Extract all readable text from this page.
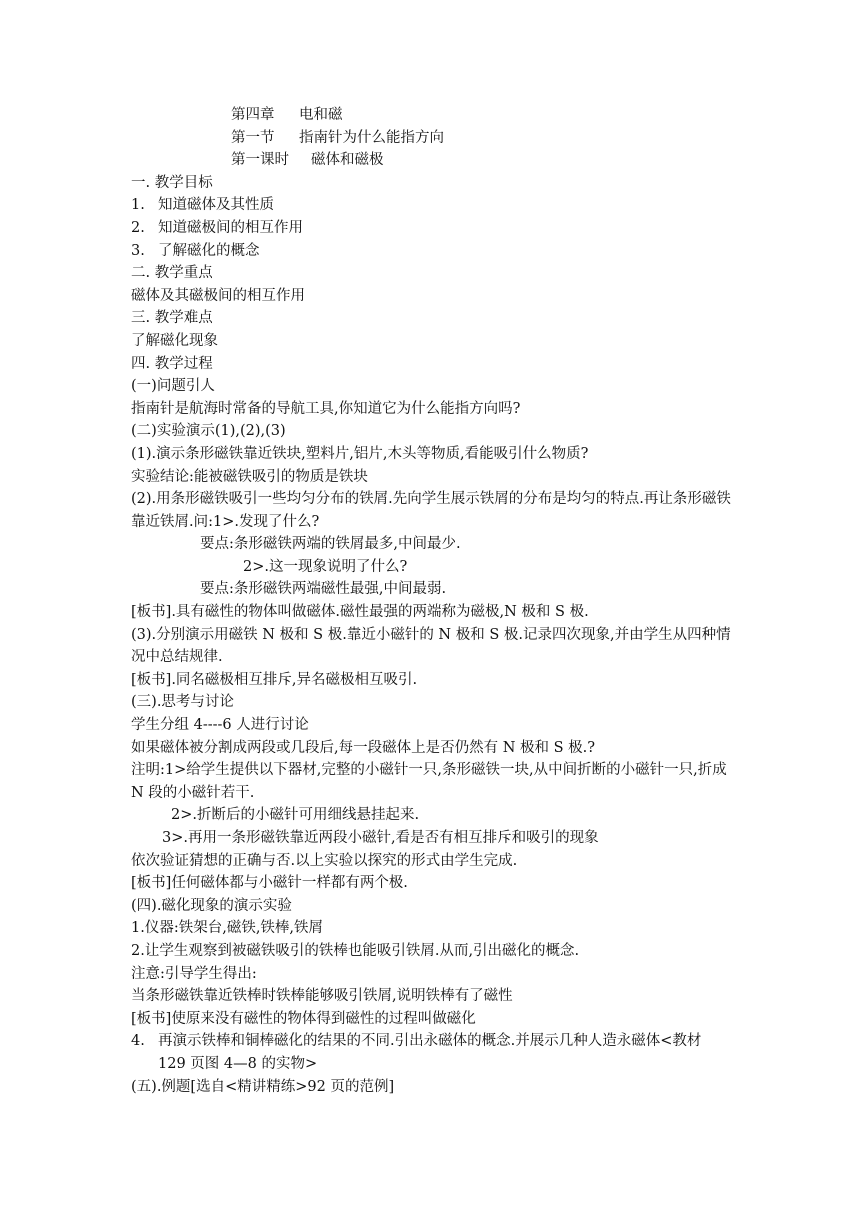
第四章 电和磁
第一节 指南针为什么能指方向
第一课时 磁体和磁极
一. 教学目标
1. 知道磁体及其性质
2. 知道磁极间的相互作用
3. 了解磁化的概念
二. 教学重点
磁体及其磁极间的相互作用
三. 教学难点
了解磁化现象
四. 教学过程
(一)问题引人
指南针是航海时常备的导航工具,你知道它为什么能指方向吗?
(二)实验演示(1),(2),(3)
(1).演示条形磁铁靠近铁块,塑料片,铝片,木头等物质,看能吸引什么物质?
实验结论:能被磁铁吸引的物质是铁块
(2).用条形磁铁吸引一些均匀分布的铁屑.先向学生展示铁屑的分布是均匀的特点.再让条形磁铁靠近铁屑.问:1>.发现了什么?
要点:条形磁铁两端的铁屑最多,中间最少.
2>.这一现象说明了什么?
要点:条形磁铁两端磁性最强,中间最弱.
[板书].具有磁性的物体叫做磁体.磁性最强的两端称为磁极,N 极和 S 极.
(3).分别演示用磁铁 N 极和 S 极.靠近小磁针的 N 极和 S 极.记录四次现象,并由学生从四种情况中总结规律.
[板书].同名磁极相互排斥,异名磁极相互吸引.
(三).思考与讨论
学生分组 4----6 人进行讨论
如果磁体被分割成两段或几段后,每一段磁体上是否仍然有 N 极和 S 极.?
注明:1>给学生提供以下器材,完整的小磁针一只,条形磁铁一块,从中间折断的小磁针一只,折成 N 段的小磁针若干.
2>.折断后的小磁针可用细线悬挂起来.
3>.再用一条形磁铁靠近两段小磁针,看是否有相互排斥和吸引的现象
依次验证猜想的正确与否.以上实验以探究的形式由学生完成.
[板书]任何磁体都与小磁针一样都有两个极.
(四).磁化现象的演示实验
1.仪器:铁架台,磁铁,铁棒,铁屑
2.让学生观察到被磁铁吸引的铁棒也能吸引铁屑.从而,引出磁化的概念.
注意:引导学生得出:
当条形磁铁靠近铁棒时铁棒能够吸引铁屑,说明铁棒有了磁性
[板书]使原来没有磁性的物体得到磁性的过程叫做磁化
4. 再演示铁棒和铜棒磁化的结果的不同.引出永磁体的概念.并展示几种人造永磁体<教材 129 页图 4—8 的实物>
(五).例题[选自<精讲精练>92 页的范例]
